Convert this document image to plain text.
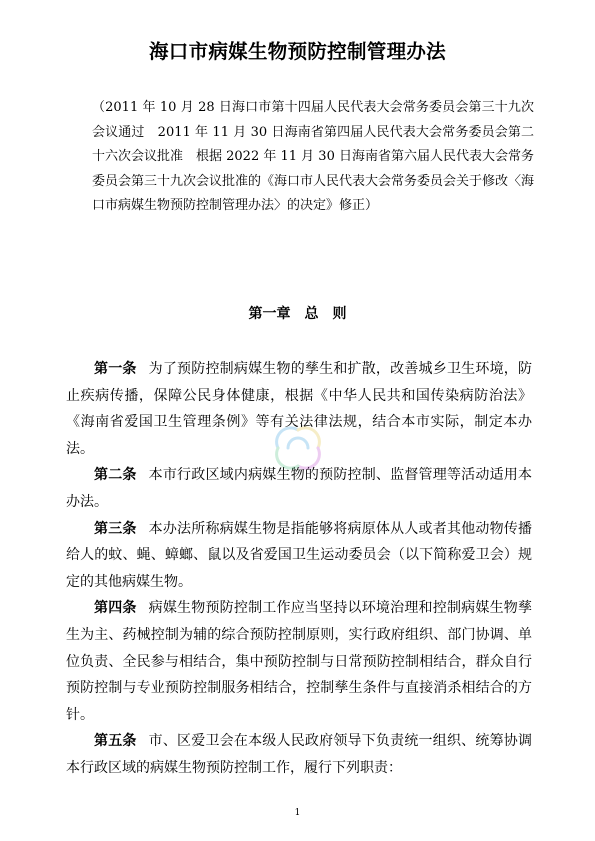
海口市病媒生物预防控制管理办法
（2011 年 10 月 28 日海口市第十四届人民代表大会常务委员会第三十九次会议通过　2011 年 11 月 30 日海南省第四届人民代表大会常务委员会第二十六次会议批准　根据 2022 年 11 月 30 日海南省第六届人民代表大会常务委员会第三十九次会议批准的《海口市人民代表大会常务委员会关于修改〈海口市病媒生物预防控制管理办法〉的决定》修正）
第一章　总　则

第一条 为了预防控制病媒生物的孳生和扩散，改善城乡卫生环境，防止疾病传播，保障公民身体健康，根据《中华人民共和国传染病防治法》《海南省爱国卫生管理条例》等有关法律法规，结合本市实际，制定本办法。

第二条 本市行政区域内病媒生物的预防控制、监督管理等活动适用本办法。

第三条 本办法所称病媒生物是指能够将病原体从人或者其他动物传播给人的蚊、蝇、蟑螂、鼠以及省爱国卫生运动委员会（以下简称爱卫会）规定的其他病媒生物。

第四条 病媒生物预防控制工作应当坚持以环境治理和控制病媒生物孳生为主、药械控制为辅的综合预防控制原则，实行政府组织、部门协调、单位负责、全民参与相结合，集中预防控制与日常预防控制相结合，群众自行预防控制与专业预防控制服务相结合，控制孳生条件与直接消杀相结合的方针。

第五条 市、区爱卫会在本级人民政府领导下负责统一组织、统筹协调本行政区域的病媒生物预防控制工作，履行下列职责：

1
